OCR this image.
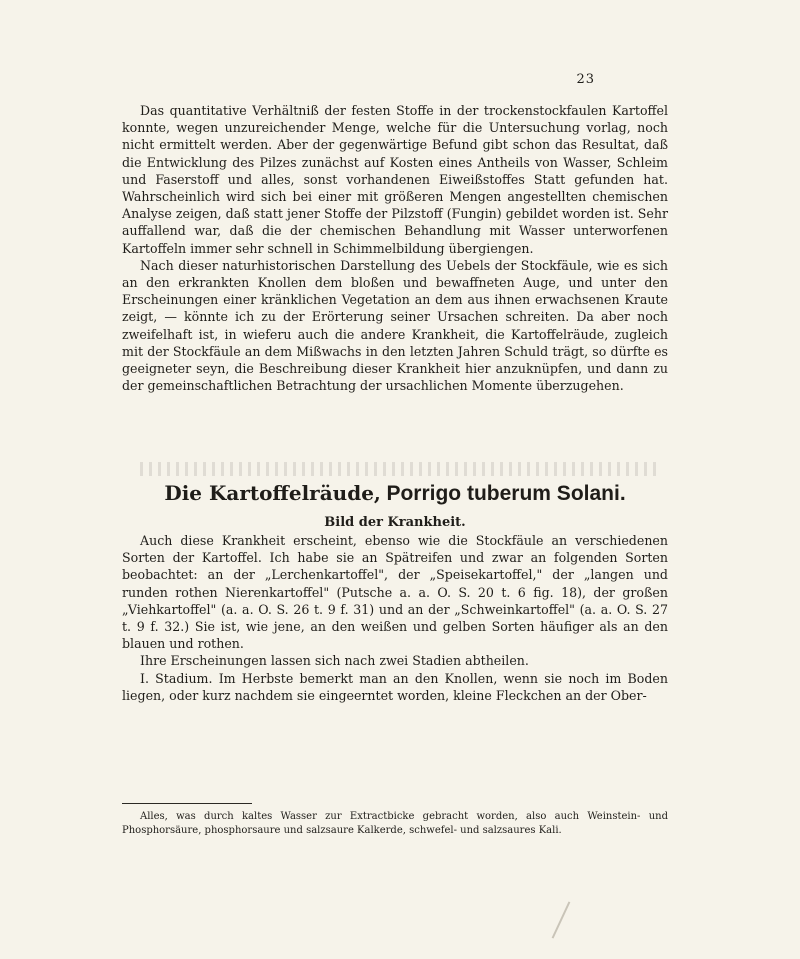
23

Das quantitative Verhältniß der festen Stoffe in der trockenstockfaulen Kartoffel konnte, wegen unzureichender Menge, welche für die Untersuchung vorlag, noch nicht ermittelt werden. Aber der gegenwärtige Befund gibt schon das Resultat, daß die Entwicklung des Pilzes zunächst auf Kosten eines Antheils von Wasser, Schleim und Faserstoff und alles, sonst vorhandenen Eiweißstoffes Statt gefunden hat. Wahrscheinlich wird sich bei einer mit größeren Mengen angestellten chemischen Analyse zeigen, daß statt jener Stoffe der Pilzstoff (Fungin) gebildet worden ist. Sehr auffallend war, daß die der chemischen Behandlung mit Wasser unterworfenen Kartoffeln immer sehr schnell in Schimmelbildung übergiengen.

Nach dieser naturhistorischen Darstellung des Uebels der Stockfäule, wie es sich an den erkrankten Knollen dem bloßen und bewaffneten Auge, und unter den Erscheinungen einer kränklichen Vegetation an dem aus ihnen erwachsenen Kraute zeigt, — könnte ich zu der Erörterung seiner Ursachen schreiten. Da aber noch zweifelhaft ist, in wieferu auch die andere Krankheit, die Kartoffelräude, zugleich mit der Stockfäule an dem Mißwachs in den letzten Jahren Schuld trägt, so dürfte es geeigneter seyn, die Beschreibung dieser Krankheit hier anzuknüpfen, und dann zu der gemeinschaftlichen Betrachtung der ursachlichen Momente überzugehen.

Die Kartoffelräude, Porrigo tuberum Solani.
Bild der Krankheit.

Auch diese Krankheit erscheint, ebenso wie die Stockfäule an verschiedenen Sorten der Kartoffel. Ich habe sie an Spätreifen und zwar an folgenden Sorten beobachtet: an der „Lerchenkartoffel", der „Speisekartoffel," der „langen und runden rothen Nierenkartoffel" (Putsche a. a. O. S. 20 t. 6 fig. 18), der großen „Viehkartoffel" (a. a. O. S. 26 t. 9 f. 31) und an der „Schweinkartoffel" (a. a. O. S. 27 t. 9 f. 32.) Sie ist, wie jene, an den weißen und gelben Sorten häufiger als an den blauen und rothen.

Ihre Erscheinungen lassen sich nach zwei Stadien abtheilen.

I. Stadium. Im Herbste bemerkt man an den Knollen, wenn sie noch im Boden liegen, oder kurz nachdem sie eingeerntet worden, kleine Fleckchen an der Ober-

Alles, was durch kaltes Wasser zur Extractbicke gebracht worden, also auch Weinstein- und Phosphorsäure, phosphorsaure und salzsaure Kalkerde, schwefel- und salzsaures Kali.
